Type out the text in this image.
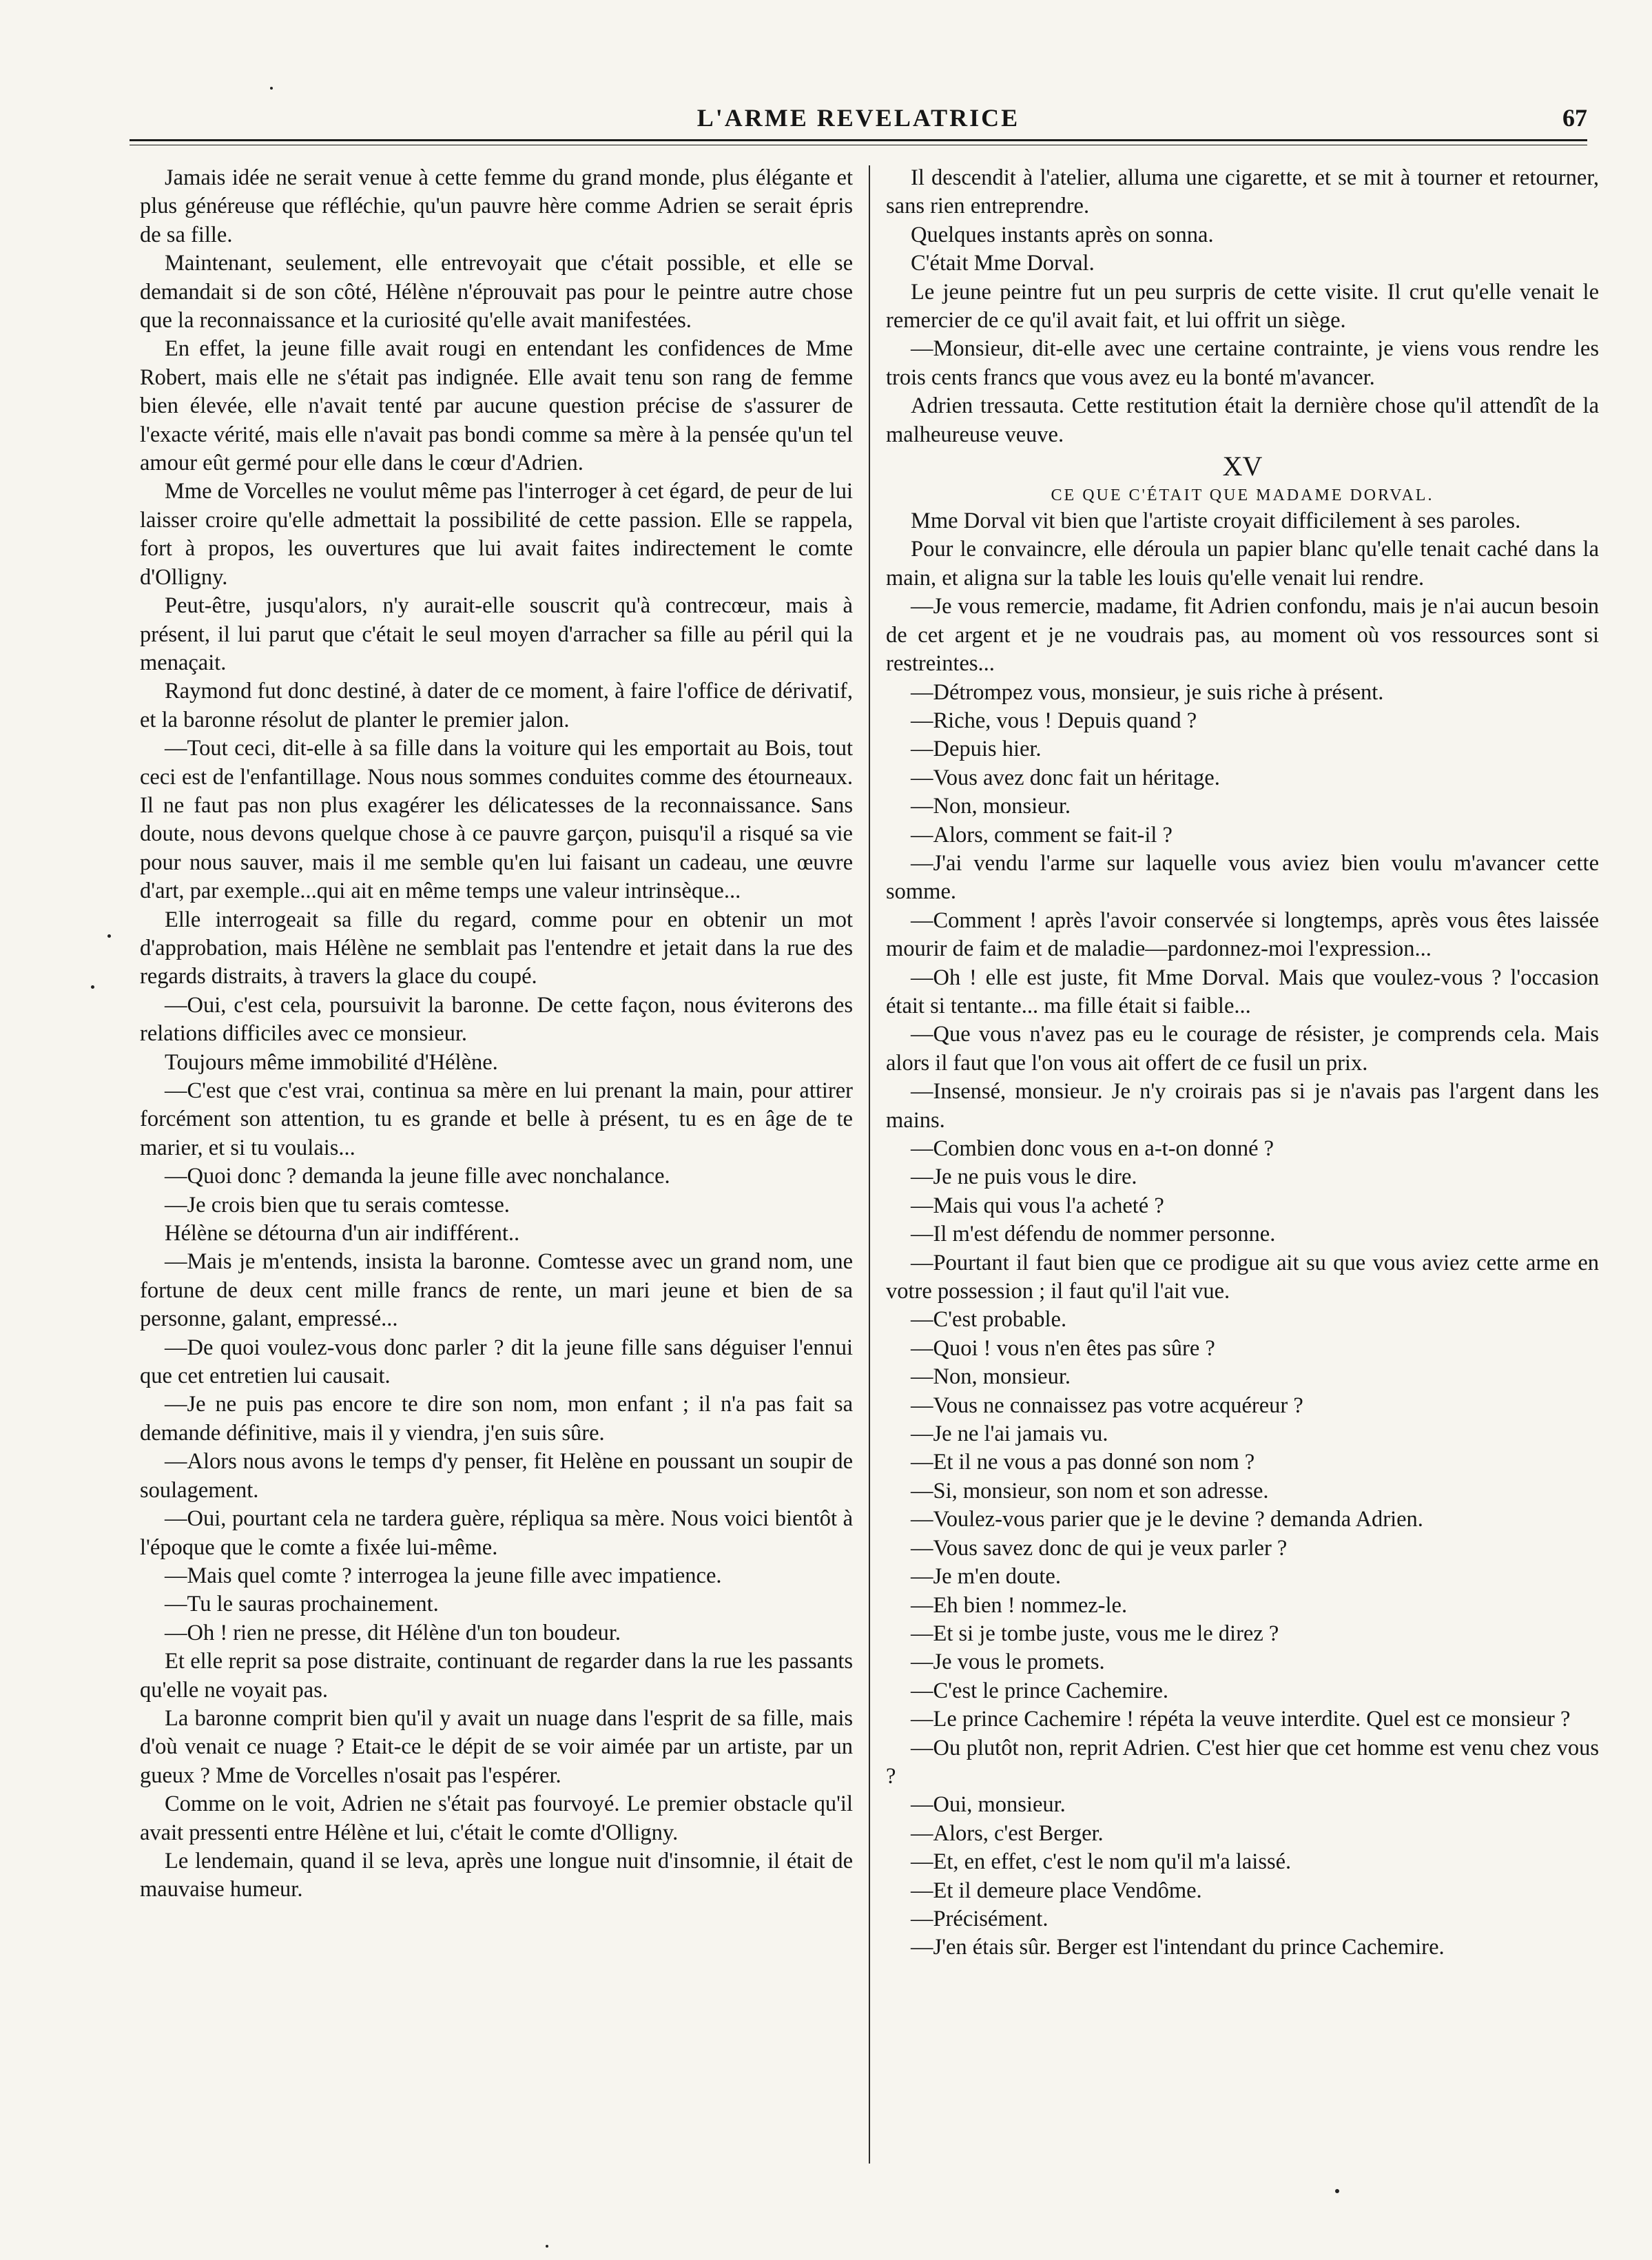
L'ARME REVELATRICE	67

Jamais idée ne serait venue à cette femme du grand monde, plus élégante et plus généreuse que réfléchie, qu'un pauvre hère comme Adrien se serait épris de sa fille.

Maintenant, seulement, elle entrevoyait que c'était possible, et elle se demandait si de son côté, Hélène n'éprouvait pas pour le peintre autre chose que la reconnaissance et la curiosité qu'elle avait manifestées.

En effet, la jeune fille avait rougi en entendant les confidences de Mme Robert, mais elle ne s'était pas indignée. Elle avait tenu son rang de femme bien élevée, elle n'avait tenté par aucune question précise de s'assurer de l'exacte vérité, mais elle n'avait pas bondi comme sa mère à la pensée qu'un tel amour eût germé pour elle dans le cœur d'Adrien.

Mme de Vorcelles ne voulut même pas l'interroger à cet égard, de peur de lui laisser croire qu'elle admettait la possibilité de cette passion. Elle se rappela, fort à propos, les ouvertures que lui avait faites indirectement le comte d'Olligny.

Peut-être, jusqu'alors, n'y aurait-elle souscrit qu'à contrecœur, mais à présent, il lui parut que c'était le seul moyen d'arracher sa fille au péril qui la menaçait.

Raymond fut donc destiné, à dater de ce moment, à faire l'office de dérivatif, et la baronne résolut de planter le premier jalon.

—Tout ceci, dit-elle à sa fille dans la voiture qui les emportait au Bois, tout ceci est de l'enfantillage. Nous nous sommes conduites comme des étourneaux. Il ne faut pas non plus exagérer les délicatesses de la reconnaissance. Sans doute, nous devons quelque chose à ce pauvre garçon, puisqu'il a risqué sa vie pour nous sauver, mais il me semble qu'en lui faisant un cadeau, une œuvre d'art, par exemple...qui ait en même temps une valeur intrinsèque...

Elle interrogeait sa fille du regard, comme pour en obtenir un mot d'approbation, mais Hélène ne semblait pas l'entendre et jetait dans la rue des regards distraits, à travers la glace du coupé.

—Oui, c'est cela, poursuivit la baronne. De cette façon, nous éviterons des relations difficiles avec ce monsieur.

Toujours même immobilité d'Hélène.

—C'est que c'est vrai, continua sa mère en lui prenant la main, pour attirer forcément son attention, tu es grande et belle à présent, tu es en âge de te marier, et si tu voulais...

—Quoi donc ? demanda la jeune fille avec nonchalance.

—Je crois bien que tu serais comtesse.

Hélène se détourna d'un air indifférent..

—Mais je m'entends, insista la baronne. Comtesse avec un grand nom, une fortune de deux cent mille francs de rente, un mari jeune et bien de sa personne, galant, empressé...

—De quoi voulez-vous donc parler ? dit la jeune fille sans déguiser l'ennui que cet entretien lui causait.

—Je ne puis pas encore te dire son nom, mon enfant ; il n'a pas fait sa demande définitive, mais il y viendra, j'en suis sûre.

—Alors nous avons le temps d'y penser, fit Helène en poussant un soupir de soulagement.

—Oui, pourtant cela ne tardera guère, répliqua sa mère. Nous voici bientôt à l'époque que le comte a fixée lui-même.

—Mais quel comte ? interrogea la jeune fille avec impatience.

—Tu le sauras prochainement.

—Oh ! rien ne presse, dit Hélène d'un ton boudeur.

Et elle reprit sa pose distraite, continuant de regarder dans la rue les passants qu'elle ne voyait pas.

La baronne comprit bien qu'il y avait un nuage dans l'esprit de sa fille, mais d'où venait ce nuage ? Etait-ce le dépit de se voir aimée par un artiste, par un gueux ? Mme de Vorcelles n'osait pas l'espérer.

Comme on le voit, Adrien ne s'était pas fourvoyé. Le premier obstacle qu'il avait pressenti entre Hélène et lui, c'était le comte d'Olligny.

Le lendemain, quand il se leva, après une longue nuit d'insomnie, il était de mauvaise humeur.

Il descendit à l'atelier, alluma une cigarette, et se mit à tourner et retourner, sans rien entreprendre.

Quelques instants après on sonna.

C'était Mme Dorval.

Le jeune peintre fut un peu surpris de cette visite. Il crut qu'elle venait le remercier de ce qu'il avait fait, et lui offrit un siège.

—Monsieur, dit-elle avec une certaine contrainte, je viens vous rendre les trois cents francs que vous avez eu la bonté m'avancer.

Adrien tressauta. Cette restitution était la dernière chose qu'il attendît de la malheureuse veuve.

XV

CE QUE C'ÉTAIT QUE MADAME DORVAL.

Mme Dorval vit bien que l'artiste croyait difficilement à ses paroles.

Pour le convaincre, elle déroula un papier blanc qu'elle tenait caché dans la main, et aligna sur la table les louis qu'elle venait lui rendre.

—Je vous remercie, madame, fit Adrien confondu, mais je n'ai aucun besoin de cet argent et je ne voudrais pas, au moment où vos ressources sont si restreintes...

—Détrompez vous, monsieur, je suis riche à présent.

—Riche, vous ! Depuis quand ?

—Depuis hier.

—Vous avez donc fait un héritage.

—Non, monsieur.

—Alors, comment se fait-il ?

—J'ai vendu l'arme sur laquelle vous aviez bien voulu m'avancer cette somme.

—Comment ! après l'avoir conservée si longtemps, après vous êtes laissée mourir de faim et de maladie—pardonnez-moi l'expression...

—Oh ! elle est juste, fit Mme Dorval. Mais que voulez-vous ? l'occasion était si tentante... ma fille était si faible...

—Que vous n'avez pas eu le courage de résister, je comprends cela. Mais alors il faut que l'on vous ait offert de ce fusil un prix.

—Insensé, monsieur. Je n'y croirais pas si je n'avais pas l'argent dans les mains.

—Combien donc vous en a-t-on donné ?

—Je ne puis vous le dire.

—Mais qui vous l'a acheté ?

—Il m'est défendu de nommer personne.

—Pourtant il faut bien que ce prodigue ait su que vous aviez cette arme en votre possession ; il faut qu'il l'ait vue.

—C'est probable.

—Quoi ! vous n'en êtes pas sûre ?

—Non, monsieur.

—Vous ne connaissez pas votre acquéreur ?

—Je ne l'ai jamais vu.

—Et il ne vous a pas donné son nom ?

—Si, monsieur, son nom et son adresse.

—Voulez-vous parier que je le devine ? demanda Adrien.

—Vous savez donc de qui je veux parler ?

—Je m'en doute.

—Eh bien ! nommez-le.

—Et si je tombe juste, vous me le direz ?

—Je vous le promets.

—C'est le prince Cachemire.

—Le prince Cachemire ! répéta la veuve interdite. Quel est ce monsieur ?

—Ou plutôt non, reprit Adrien. C'est hier que cet homme est venu chez vous ?

—Oui, monsieur.

—Alors, c'est Berger.

—Et, en effet, c'est le nom qu'il m'a laissé.

—Et il demeure place Vendôme.

—Précisément.

—J'en étais sûr. Berger est l'intendant du prince Cachemire.
